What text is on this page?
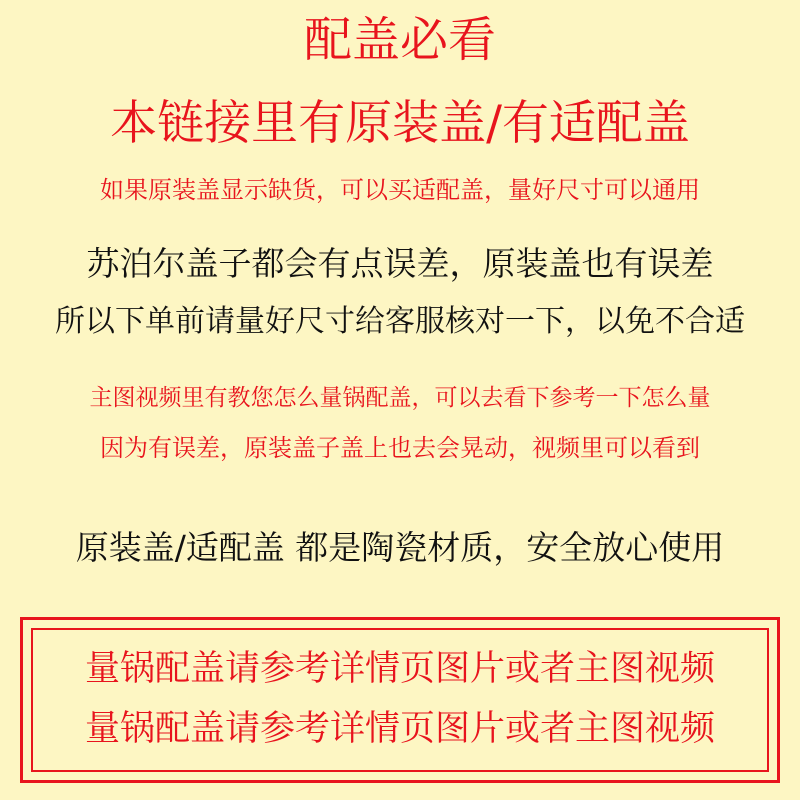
配盖必看
本链接里有原装盖/有适配盖
如果原装盖显示缺货，可以买适配盖，量好尺寸可以通用
苏泊尔盖子都会有点误差，原装盖也有误差
所以下单前请量好尺寸给客服核对一下，以免不合适
主图视频里有教您怎么量锅配盖，可以去看下参考一下怎么量
因为有误差，原装盖子盖上也去会晃动，视频里可以看到
原装盖/适配盖 都是陶瓷材质，安全放心使用
量锅配盖请参考详情页图片或者主图视频
量锅配盖请参考详情页图片或者主图视频
